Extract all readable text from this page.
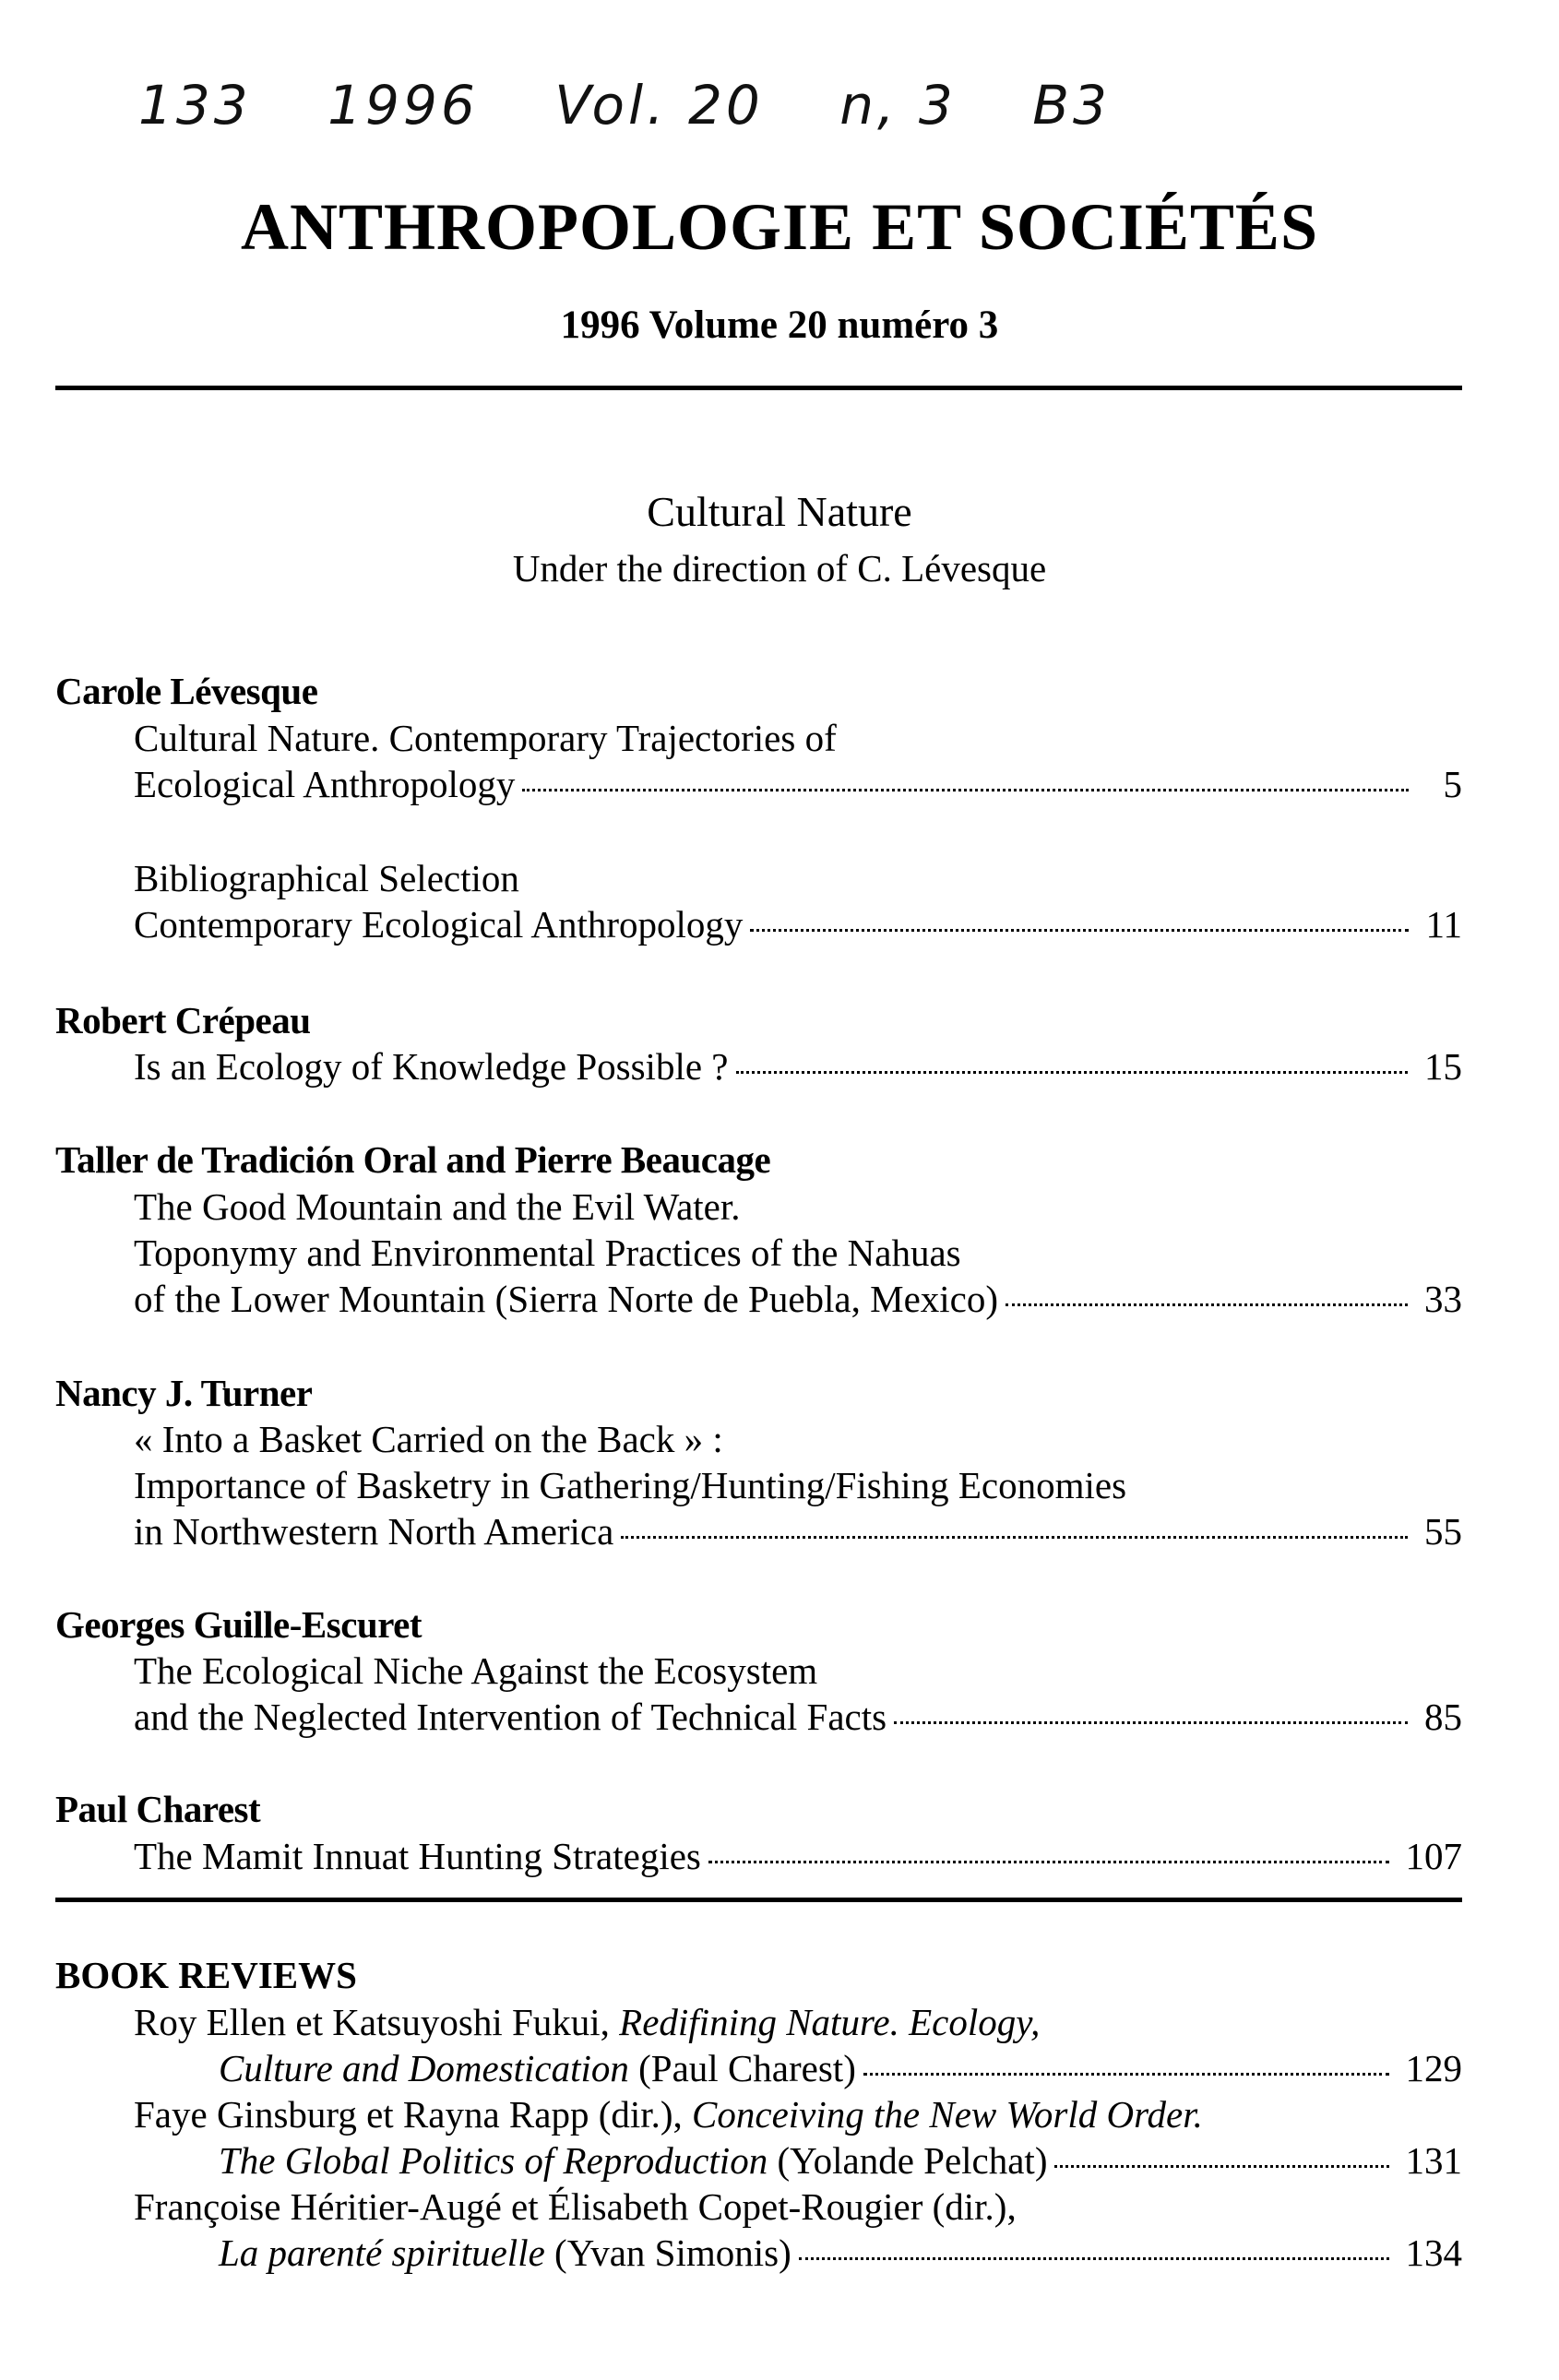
133 1996 Vol. 20 n, 3 B3
ANTHROPOLOGIE ET SOCIÉTÉS
1996 Volume 20 numéro 3
Cultural Nature
Under the direction of C. Lévesque
Carole Lévesque
Cultural Nature. Contemporary Trajectories of
Ecological Anthropology	5
Bibliographical Selection
Contemporary Ecological Anthropology	11
Robert Crépeau
Is an Ecology of Knowledge Possible ?	15
Taller de Tradición Oral and Pierre Beaucage
The Good Mountain and the Evil Water.
Toponymy and Environmental Practices of the Nahuas
of the Lower Mountain (Sierra Norte de Puebla, Mexico)	33
Nancy J. Turner
« Into a Basket Carried on the Back » :
Importance of Basketry in Gathering/Hunting/Fishing Economies
in Northwestern North America	55
Georges Guille-Escuret
The Ecological Niche Against the Ecosystem
and the Neglected Intervention of Technical Facts	85
Paul Charest
The Mamit Innuat Hunting Strategies	107
BOOK REVIEWS
Roy Ellen et Katsuyoshi Fukui, Redifining Nature. Ecology,
Culture and Domestication (Paul Charest)	129
Faye Ginsburg et Rayna Rapp (dir.), Conceiving the New World Order.
The Global Politics of Reproduction (Yolande Pelchat)	131
Françoise Héritier-Augé et Élisabeth Copet-Rougier (dir.),
La parenté spirituelle (Yvan Simonis)	134
